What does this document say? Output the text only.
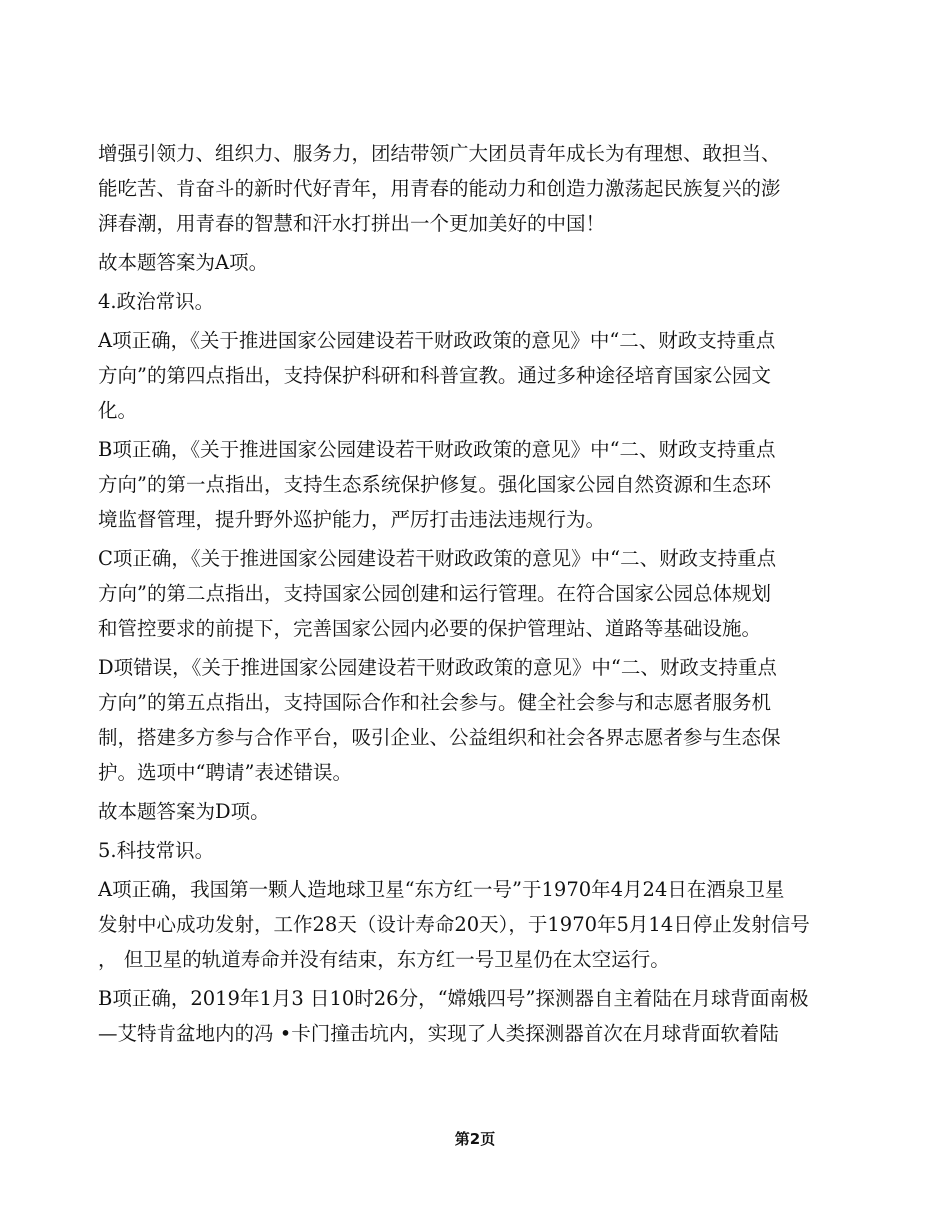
增强引领力、组织力、服务力，团结带领广大团员青年成长为有理想、敢担当、
能吃苦、肯奋斗的新时代好青年，用青春的能动力和创造力激荡起民族复兴的澎
湃春潮，用青春的智慧和汗水打拼出一个更加美好的中国！

故本题答案为A项。

4.政治常识。

A项正确，《关于推进国家公园建设若干财政政策的意见》中“二、财政支持重点
方向”的第四点指出，支持保护科研和科普宣教。通过多种途径培育国家公园文
化。

B项正确，《关于推进国家公园建设若干财政政策的意见》中“二、财政支持重点
方向”的第一点指出，支持生态系统保护修复。强化国家公园自然资源和生态环
境监督管理，提升野外巡护能力，严厉打击违法违规行为。

C项正确，《关于推进国家公园建设若干财政政策的意见》中“二、财政支持重点
方向”的第二点指出，支持国家公园创建和运行管理。在符合国家公园总体规划
和管控要求的前提下，完善国家公园内必要的保护管理站、道路等基础设施。

D项错误，《关于推进国家公园建设若干财政政策的意见》中“二、财政支持重点
方向”的第五点指出，支持国际合作和社会参与。健全社会参与和志愿者服务机
制，搭建多方参与合作平台，吸引企业、公益组织和社会各界志愿者参与生态保
护。选项中“聘请”表述错误。

故本题答案为D项。

5.科技常识。

A项正确，我国第一颗人造地球卫星“东方红一号”于1970年4月24日在酒泉卫星
发射中心成功发射，工作28天（设计寿命20天），于1970年5月14日停止发射信号
， 但卫星的轨道寿命并没有结束，东方红一号卫星仍在太空运行。

B项正确，2019年1月3 日10时26分，“嫦娥四号”探测器自主着陆在月球背面南极
—艾特肯盆地内的冯 •卡门撞击坑内，实现了人类探测器首次在月球背面软着陆

第2页
